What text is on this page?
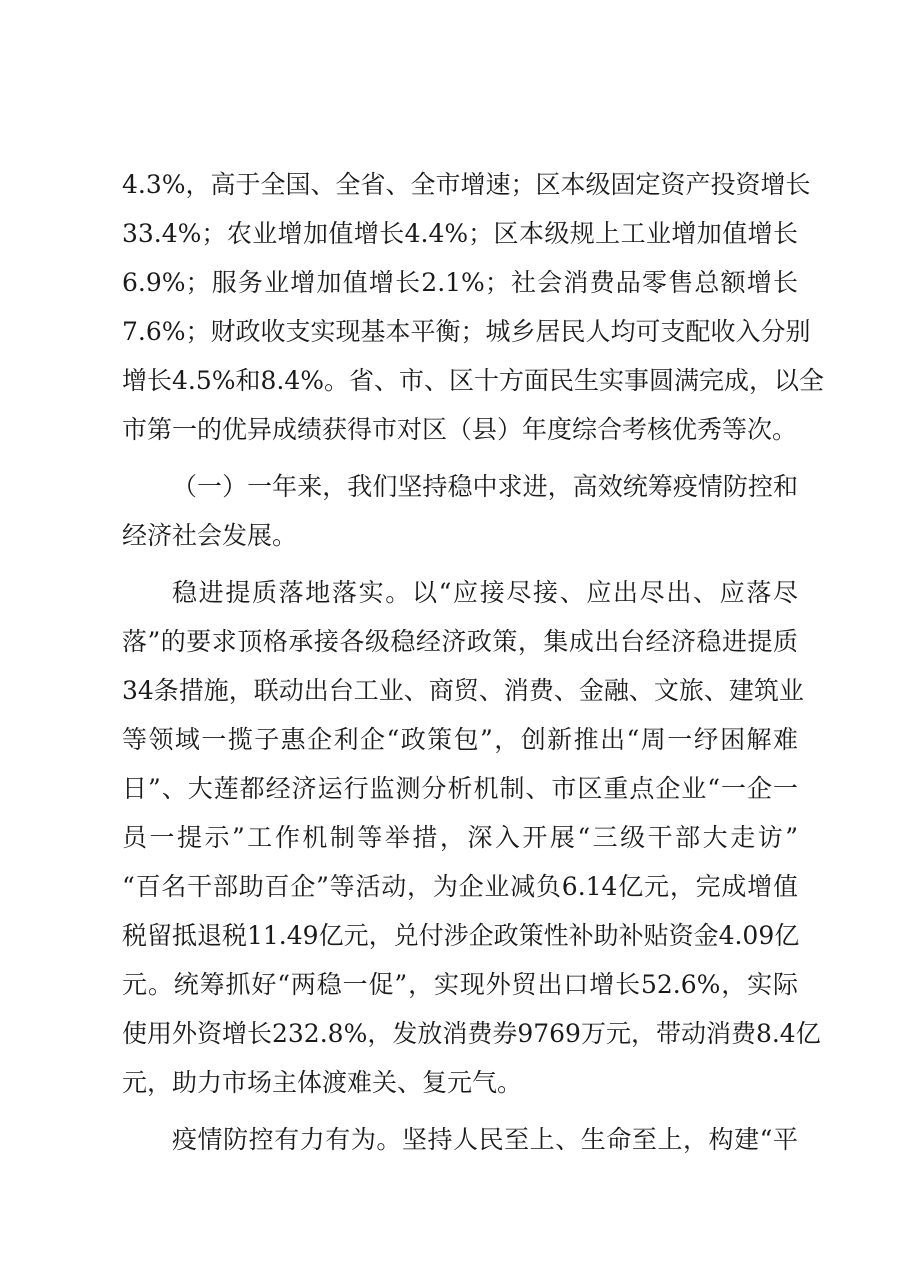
4.3%，高于全国、全省、全市增速；区本级固定资产投资增长
33.4%；农业增加值增长4.4%；区本级规上工业增加值增长
6.9%；服务业增加值增长2.1%；社会消费品零售总额增长
7.6%；财政收支实现基本平衡；城乡居民人均可支配收入分别
增长4.5%和8.4%。省、市、区十方面民生实事圆满完成，以全
市第一的优异成绩获得市对区（县）年度综合考核优秀等次。
（一）一年来，我们坚持稳中求进，高效统筹疫情防控和
经济社会发展。
稳进提质落地落实。以“应接尽接、应出尽出、应落尽
落”的要求顶格承接各级稳经济政策，集成出台经济稳进提质
34条措施，联动出台工业、商贸、消费、金融、文旅、建筑业
等领域一揽子惠企利企“政策包”，创新推出“周一纾困解难
日”、大莲都经济运行监测分析机制、市区重点企业“一企一
员一提示”工作机制等举措，深入开展“三级干部大走访”
“百名干部助百企”等活动，为企业减负6.14亿元，完成增值
税留抵退税11.49亿元，兑付涉企政策性补助补贴资金4.09亿
元。统筹抓好“两稳一促”，实现外贸出口增长52.6%，实际
使用外资增长232.8%，发放消费券9769万元，带动消费8.4亿
元，助力市场主体渡难关、复元气。
疫情防控有力有为。坚持人民至上、生命至上，构建“平
